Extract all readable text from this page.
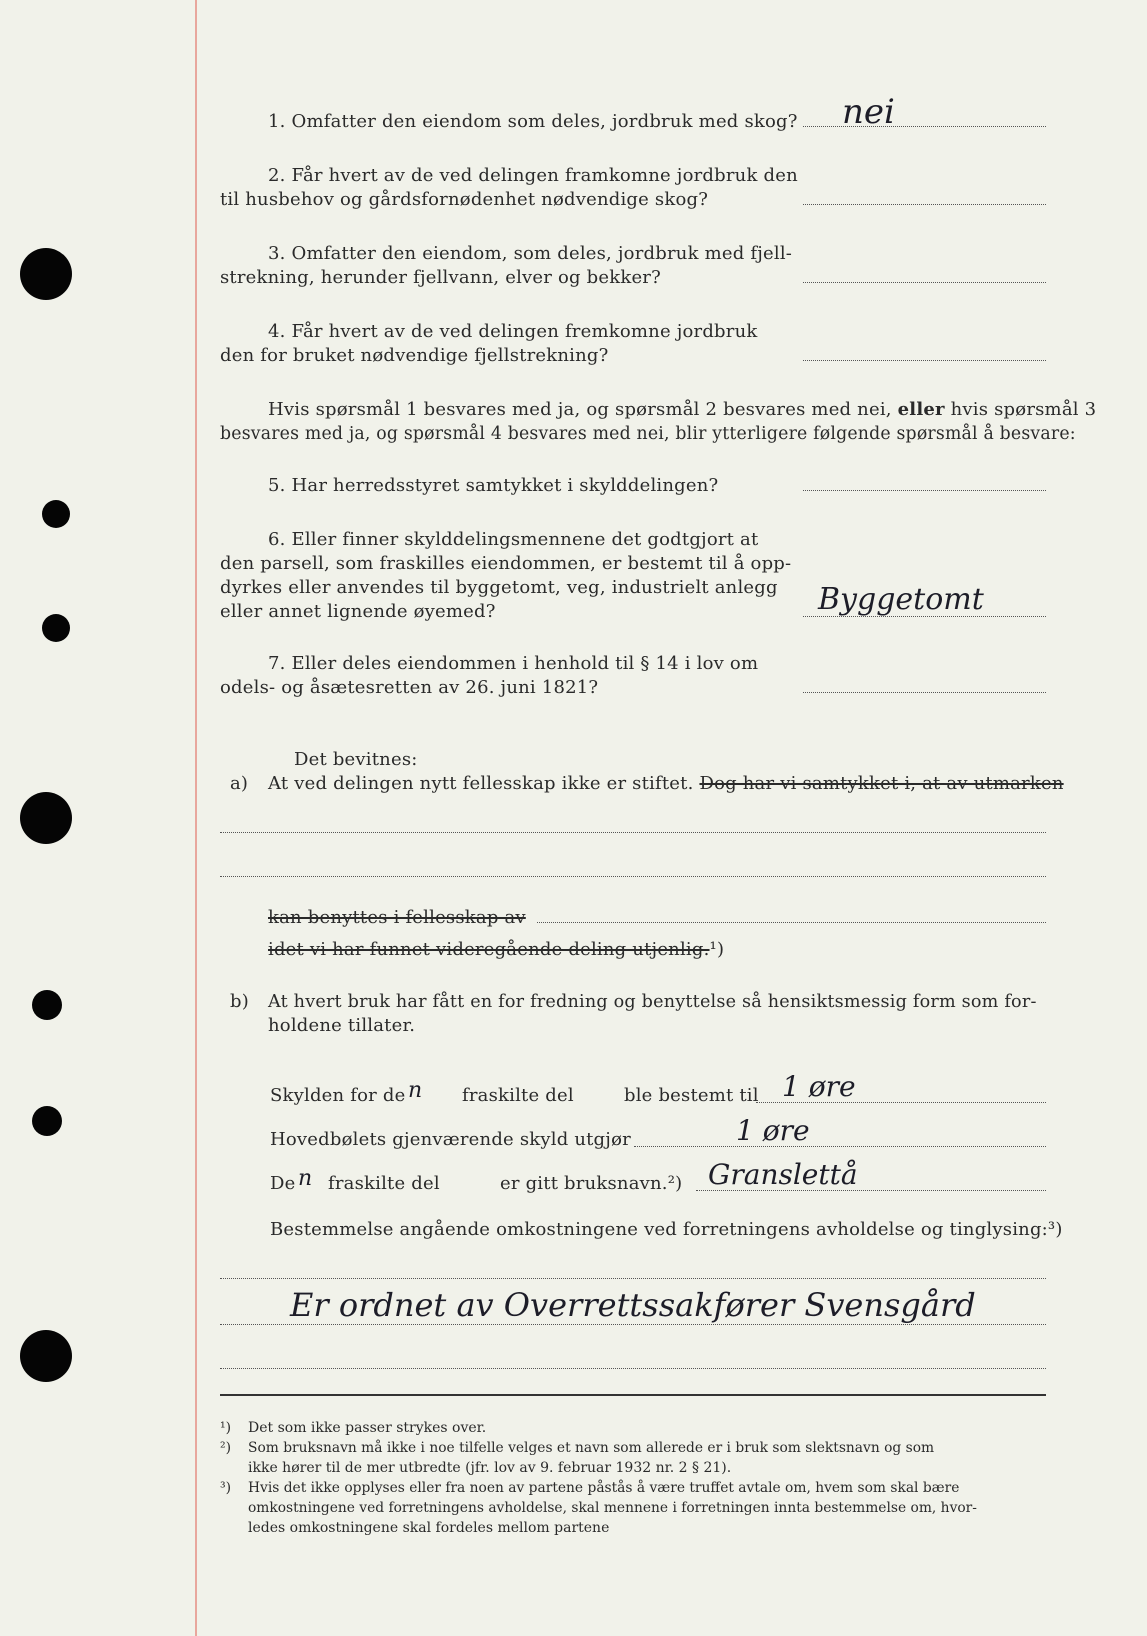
1. Omfatter den eiendom som deles, jordbruk med skog? nei
2. Får hvert av de ved delingen framkomne jordbruk den
til husbehov og gårdsfornødenhet nødvendige skog?
3. Omfatter den eiendom, som deles, jordbruk med fjell-
strekning, herunder fjellvann, elver og bekker?
4. Får hvert av de ved delingen fremkomne jordbruk
den for bruket nødvendige fjellstrekning?
Hvis spørsmål 1 besvares med ja, og spørsmål 2 besvares med nei, eller hvis spørsmål 3
besvares med ja, og spørsmål 4 besvares med nei, blir ytterligere følgende spørsmål å besvare:
5. Har herredsstyret samtykket i skylddelingen?
6. Eller finner skylddelingsmennene det godtgjort at
den parsell, som fraskilles eiendommen, er bestemt til å opp-
dyrkes eller anvendes til byggetomt, veg, industrielt anlegg
eller annet lignende øyemed?	Byggetomt
7. Eller deles eiendommen i henhold til § 14 i lov om
odels- og åsætesretten av 26. juni 1821?
Det bevitnes:
a) At ved delingen nytt fellesskap ikke er stiftet. Dog har vi samtykket i, at av utmarken
kan benyttes i fellesskap av
idet vi har funnet videregående deling utjenlig.¹)
b) At hvert bruk har fått en for fredning og benyttelse så hensiktsmessig form som for-
holdene tillater.
Skylden for de n fraskilte del	ble bestemt til 1 øre
Hovedbølets gjenværende skyld utgjør	1 øre
De n fraskilte del	er gitt bruksnavn.²) Granslettå
Bestemmelse angående omkostningene ved forretningens avholdelse og tinglysing:³)
Er ordnet av Overrettssakfører Svensgård
¹) Det som ikke passer strykes over.
²) Som bruksnavn må ikke i noe tilfelle velges et navn som allerede er i bruk som slektsnavn og som
ikke hører til de mer utbredte (jfr. lov av 9. februar 1932 nr. 2 § 21).
³) Hvis det ikke opplyses eller fra noen av partene påstås å være truffet avtale om, hvem som skal bære
omkostningene ved forretningens avholdelse, skal mennene i forretningen innta bestemmelse om, hvor-
ledes omkostningene skal fordeles mellom partene
